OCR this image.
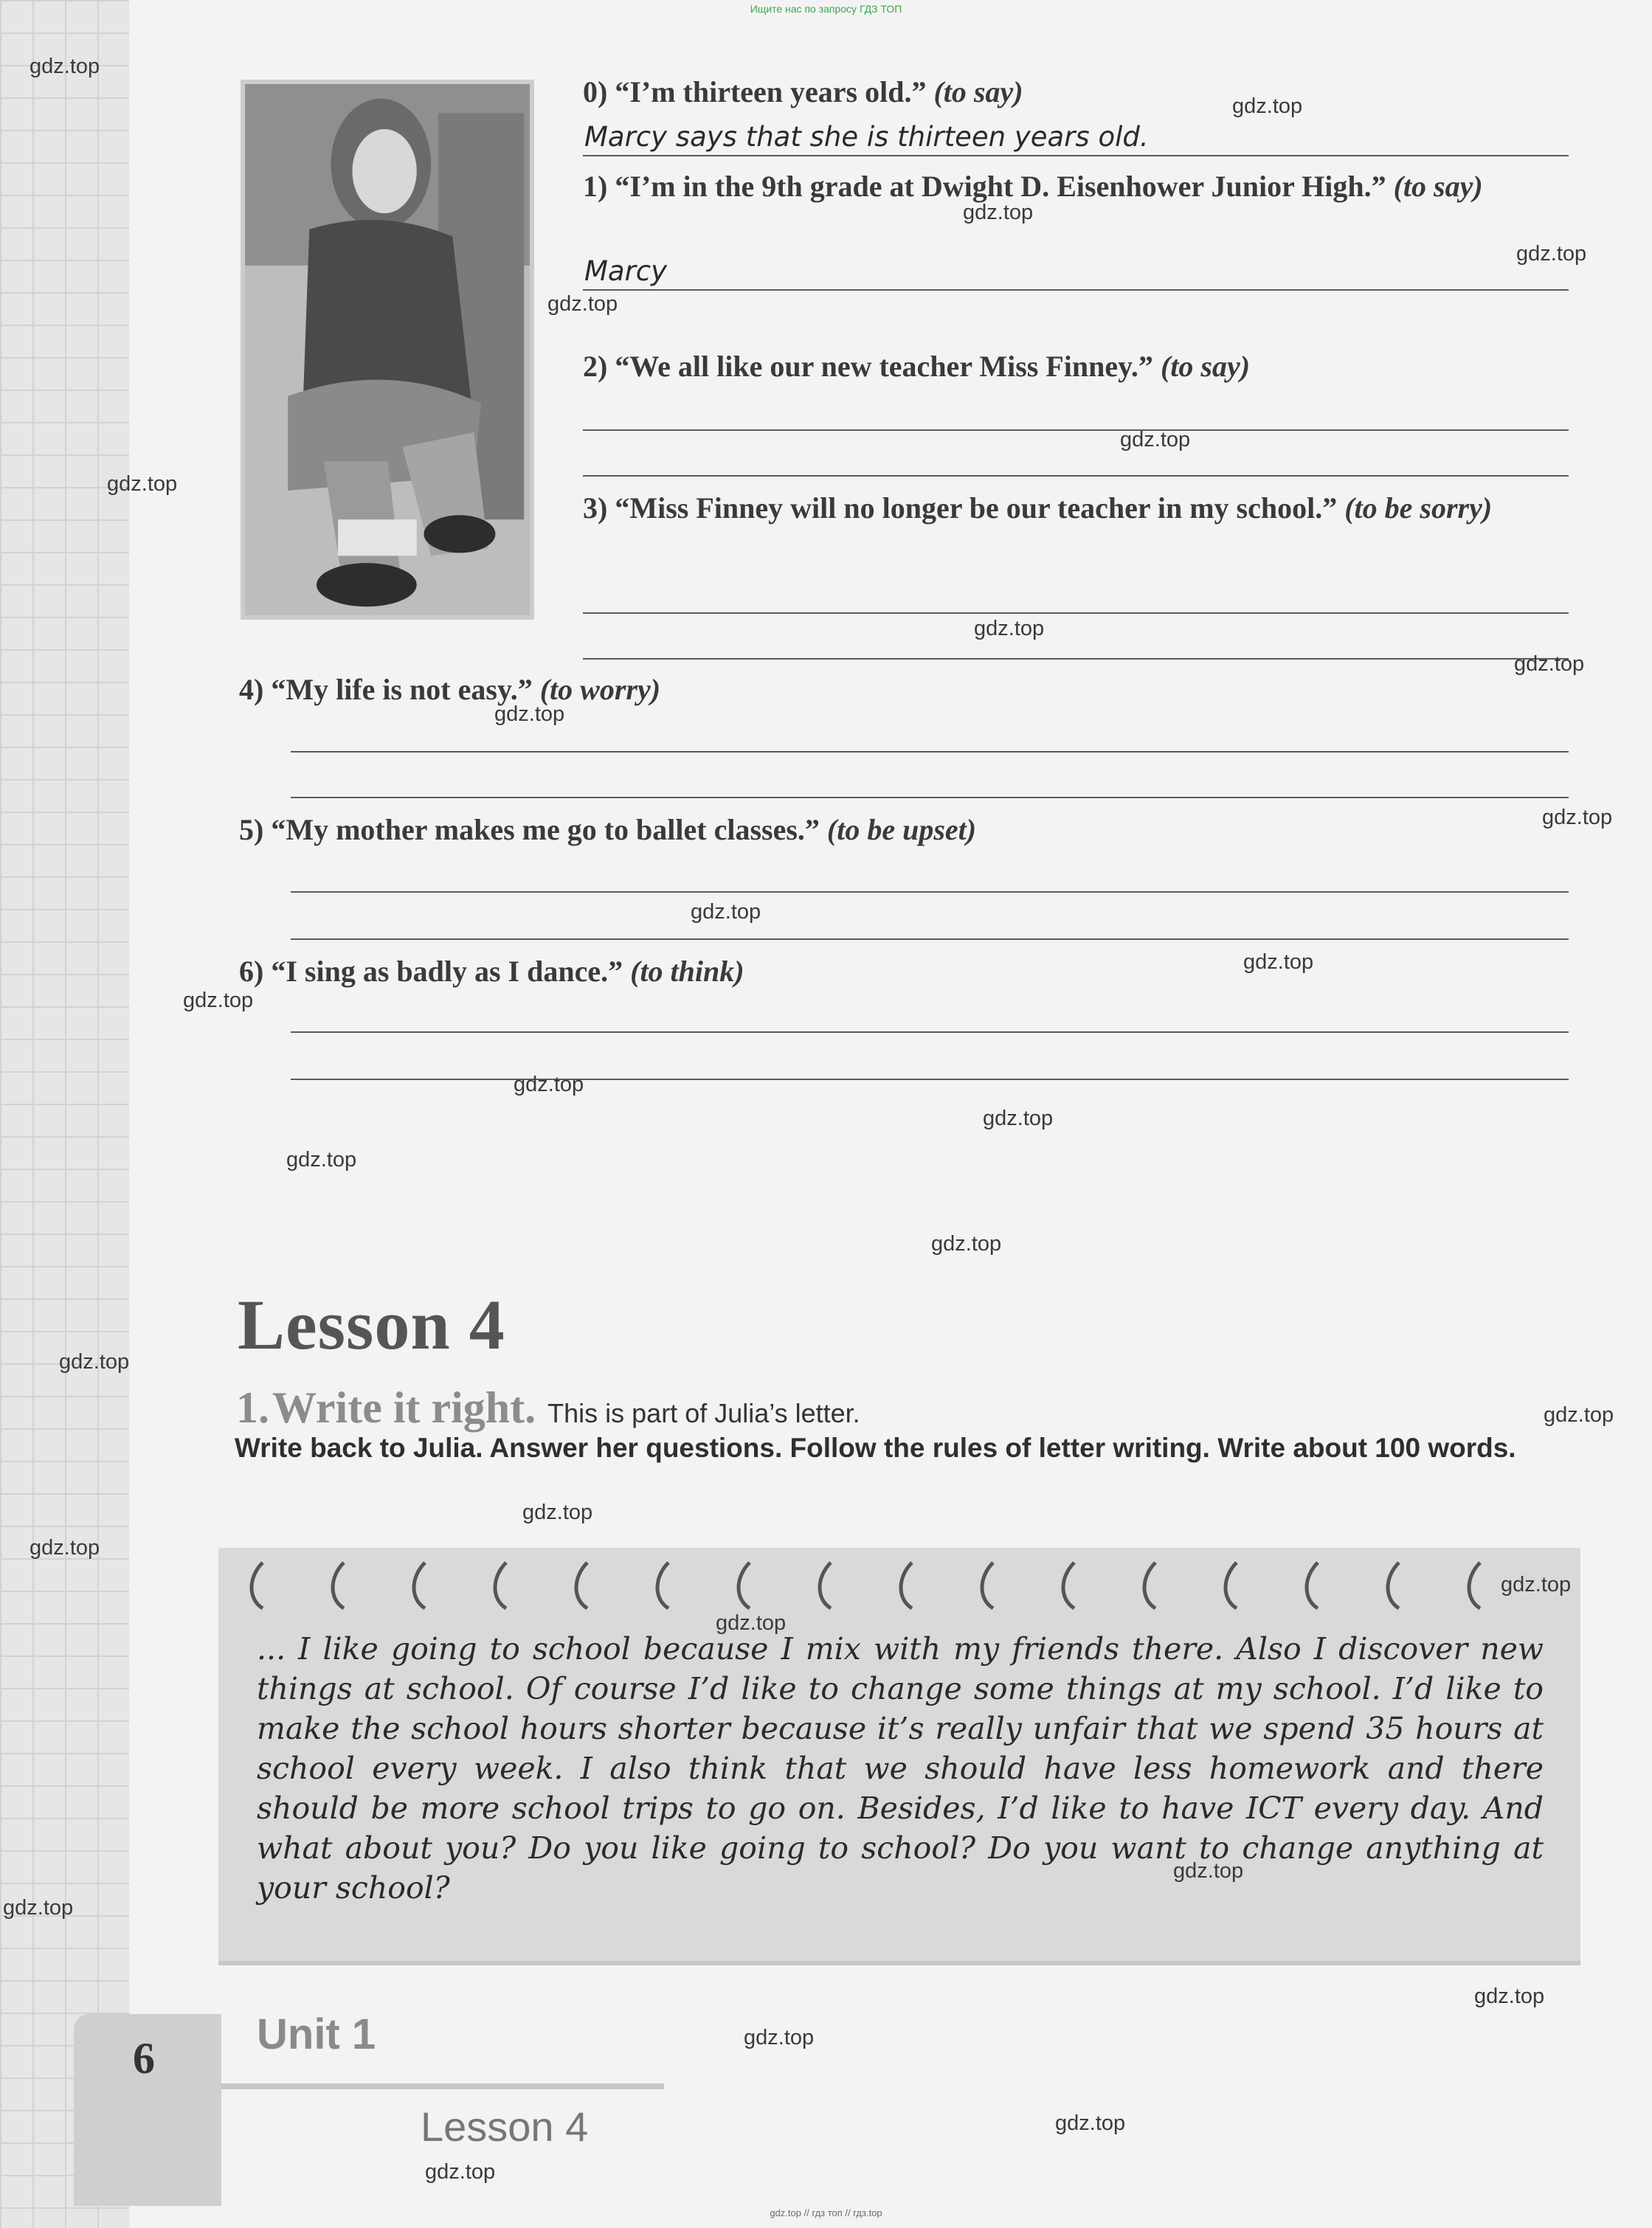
Ищите нас по запросу ГДЗ ТОП
0) “I’m thirteen years old.” (to say)
Marcy says that she is thirteen years old.
1) “I’m in the 9th grade at Dwight D. Eisenhower Junior High.” (to say)
Marcy
2) “We all like our new teacher Miss Finney.” (to say)
3) “Miss Finney will no longer be our teacher in my school.” (to be sorry)
4) “My life is not easy.” (to worry)
5) “My mother makes me go to ballet classes.” (to be upset)
6) “I sing as badly as I dance.” (to think)
Lesson 4
1. Write it right. This is part of Julia’s letter.
Write back to Julia. Answer her questions. Follow the rules of letter writing. Write about 100 words.
... I like going to school because I mix with my friends there. Also I discover new things at school. Of course I’d like to change some things at my school. I’d like to make the school hours shorter because it’s really unfair that we spend 35 hours at school every week. I also think that we should have less homework and there should be more school trips to go on. Besides, I’d like to have ICT every day. And what about you? Do you like going to school? Do you want to change anything at your school?
6 Unit 1
Lesson 4
gdz.top // гдз топ // гдз.top
gdz.top
gdz.top
gdz.top
gdz.top
gdz.top
gdz.top
gdz.top
gdz.top
gdz.top
gdz.top
gdz.top
gdz.top
gdz.top
gdz.top
gdz.top
gdz.top
gdz.top
gdz.top
gdz.top
gdz.top
gdz.top
gdz.top
gdz.top
gdz.top
gdz.top
gdz.top
gdz.top
gdz.top
gdz.top
gdz.top
